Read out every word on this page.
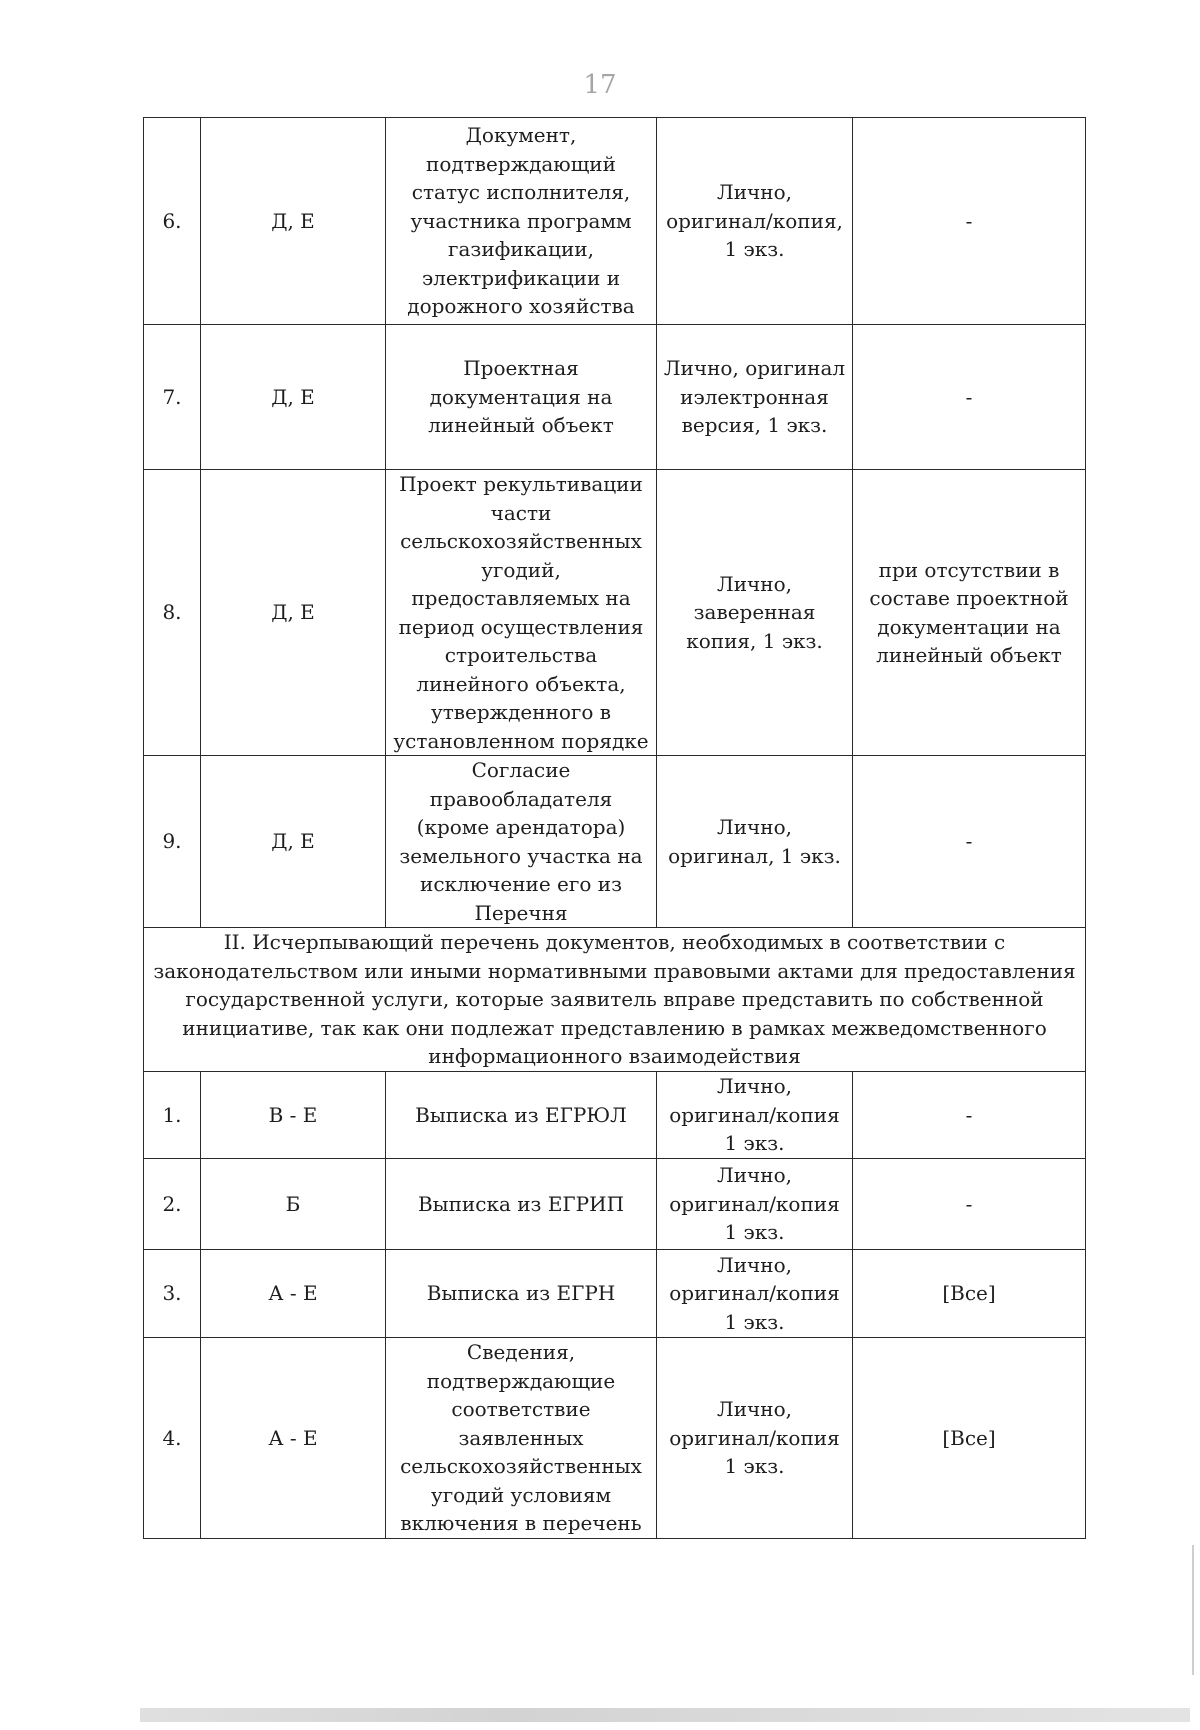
17
6.	Д, Е	Документ, подтверждающий статус исполнителя, участника программ газификации, электрификации и дорожного хозяйства	Лично, оригинал/копия, 1 экз.	-
7.	Д, Е	Проектная документация на линейный объект	Лично, оригинал иэлектронная версия, 1 экз.	-
8.	Д, Е	Проект рекультивации части сельскохозяйственных угодий, предоставляемых на период осуществления строительства линейного объекта, утвержденного в установленном порядке	Лично, заверенная копия, 1 экз.	при отсутствии в составе проектной документации на линейный объект
9.	Д, Е	Согласие правообладателя (кроме арендатора) земельного участка на исключение его из Перечня	Лично, оригинал, 1 экз.	-
II. Исчерпывающий перечень документов, необходимых в соответствии с законодательством или иными нормативными правовыми актами для предоставления государственной услуги, которые заявитель вправе представить по собственной инициативе, так как они подлежат представлению в рамках межведомственного информационного взаимодействия				
1.	В - Е	Выписка из ЕГРЮЛ	Лично, оригинал/копия 1 экз.	-
2.	Б	Выписка из ЕГРИП	Лично, оригинал/копия 1 экз.	-
3.	А - Е	Выписка из ЕГРН	Лично, оригинал/копия 1 экз.	[Все]
4.	А - Е	Сведения, подтверждающие соответствие заявленных сельскохозяйственных угодий условиям включения в перечень	Лично, оригинал/копия 1 экз.	[Все]
